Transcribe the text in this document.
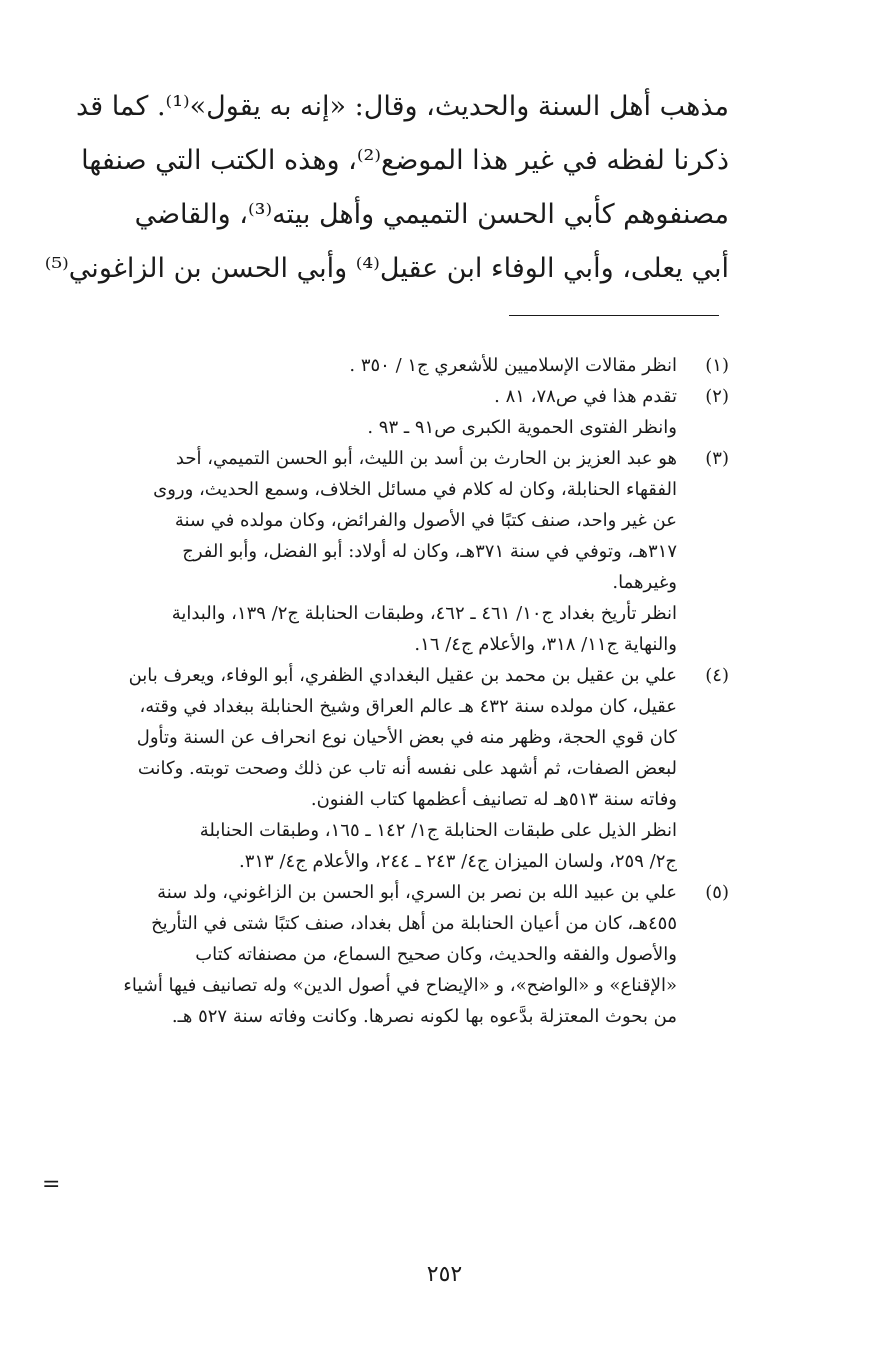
مذهب أهل السنة والحديث، وقال: «إنه به يقول»⁽¹⁾. كما قد
ذكرنا لفظه في غير هذا الموضع⁽²⁾، وهذه الكتب التي صنفها
مصنفوهم كأبي الحسن التميمي وأهل بيته⁽³⁾، والقاضي
أبي يعلى، وأبي الوفاء ابن عقيل⁽⁴⁾ وأبي الحسن بن الزاغوني⁽⁵⁾
(١)
انظر مقالات الإسلاميين للأشعري ج١ / ٣٥٠ .
(٢)
تقدم هذا في ص٧٨، ٨١ .
وانظر الفتوى الحموية الكبرى ص٩١ ـ ٩٣ .
(٣)
هو عبد العزيز بن الحارث بن أسد بن الليث، أبو الحسن التميمي، أحد
الفقهاء الحنابلة، وكان له كلام في مسائل الخلاف، وسمع الحديث، وروى
عن غير واحد، صنف كتبًا في الأصول والفرائض، وكان مولده في سنة
٣١٧هـ، وتوفي في سنة ٣٧١هـ، وكان له أولاد: أبو الفضل، وأبو الفرج
وغيرهما.
انظر تأريخ بغداد ج١٠/ ٤٦١ ـ ٤٦٢، وطبقات الحنابلة ج٢/ ١٣٩، والبداية
والنهاية ج١١/ ٣١٨، والأعلام ج٤/ ١٦.
(٤)
علي بن عقيل بن محمد بن عقيل البغدادي الظفري، أبو الوفاء، ويعرف بابن
عقيل، كان مولده سنة ٤٣٢ هـ عالم العراق وشيخ الحنابلة ببغداد في وقته،
كان قوي الحجة، وظهر منه في بعض الأحيان نوع انحراف عن السنة وتأول
لبعض الصفات، ثم أشهد على نفسه أنه تاب عن ذلك وصحت توبته. وكانت
وفاته سنة ٥١٣هـ له تصانيف أعظمها كتاب الفنون.
انظر الذيل على طبقات الحنابلة ج١/ ١٤٢ ـ ١٦٥، وطبقات الحنابلة
ج٢/ ٢٥٩، ولسان الميزان ج٤/ ٢٤٣ ـ ٢٤٤، والأعلام ج٤/ ٣١٣.
(٥)
علي بن عبيد الله بن نصر بن السري، أبو الحسن بن الزاغوني، ولد سنة
٤٥٥هـ، كان من أعيان الحنابلة من أهل بغداد، صنف كتبًا شتى في التأريخ
والأصول والفقه والحديث، وكان صحيح السماع، من مصنفاته كتاب
«الإقناع» و «الواضح»، و «الإيضاح في أصول الدين» وله تصانيف فيها أشياء
من بحوث المعتزلة بدَّعوه بها لكونه نصرها. وكانت وفاته سنة ٥٢٧ هـ.
=
٢٥٢
